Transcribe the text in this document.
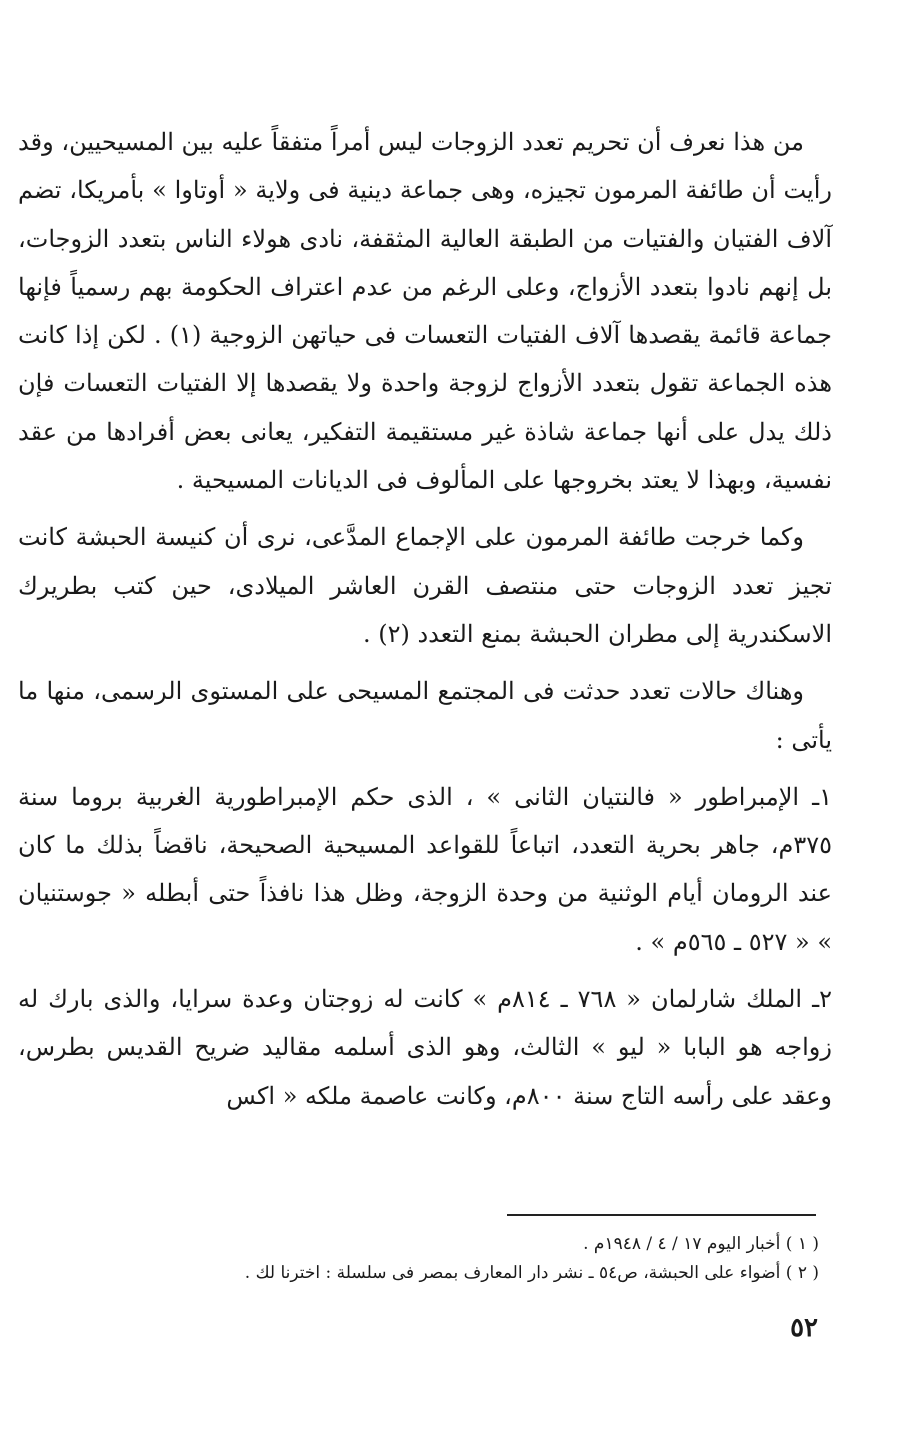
من هذا نعرف أن تحريم تعدد الزوجات ليس أمراً متفقاً عليه بين المسيحيين، وقد رأيت أن طائفة المرمون تجيزه، وهى جماعة دينية فى ولاية « أوتاوا » بأمريكا، تضم آلاف الفتيان والفتيات من الطبقة العالية المثقفة، نادى هولاء الناس بتعدد الزوجات، بل إنهم نادوا بتعدد الأزواج، وعلى الرغم من عدم اعتراف الحكومة بهم رسمياً فإنها جماعة قائمة يقصدها آلاف الفتيات التعسات فى حياتهن الزوجية (١) . لكن إذا كانت هذه الجماعة تقول بتعدد الأزواج لزوجة واحدة ولا يقصدها إلا الفتيات التعسات فإن ذلك يدل على أنها جماعة شاذة غير مستقيمة التفكير، يعانى بعض أفرادها من عقد نفسية، وبهذا لا يعتد بخروجها على المألوف فى الديانات المسيحية .

وكما خرجت طائفة المرمون على الإجماع المدَّعى، نرى أن كنيسة الحبشة كانت تجيز تعدد الزوجات حتى منتصف القرن العاشر الميلادى، حين كتب بطريرك الاسكندرية إلى مطران الحبشة بمنع التعدد (٢) .

وهناك حالات تعدد حدثت فى المجتمع المسيحى على المستوى الرسمى، منها ما يأتى :

١ـ الإمبراطور « فالنتيان الثانى » ، الذى حكم الإمبراطورية الغربية بروما سنة ٣٧٥م، جاهر بحرية التعدد، اتباعاً للقواعد المسيحية الصحيحة، ناقضاً بذلك ما كان عند الرومان أيام الوثنية من وحدة الزوجة، وظل هذا نافذاً حتى أبطله « جوستنيان » « ٥٢٧ ـ ٥٦٥م » .

٢ـ الملك شارلمان « ٧٦٨ ـ ٨١٤م » كانت له زوجتان وعدة سرايا، والذى بارك له زواجه هو البابا « ليو » الثالث، وهو الذى أسلمه مقاليد ضريح القديس بطرس، وعقد على رأسه التاج سنة ٨٠٠م، وكانت عاصمة ملكه « اكس

( ١ ) أخبار اليوم ١٧ / ٤ / ١٩٤٨م .

( ٢ ) أضواء على الحبشة، ص٥٤ ـ نشر دار المعارف بمصر فى سلسلة : اخترنا لك .

٥٢
